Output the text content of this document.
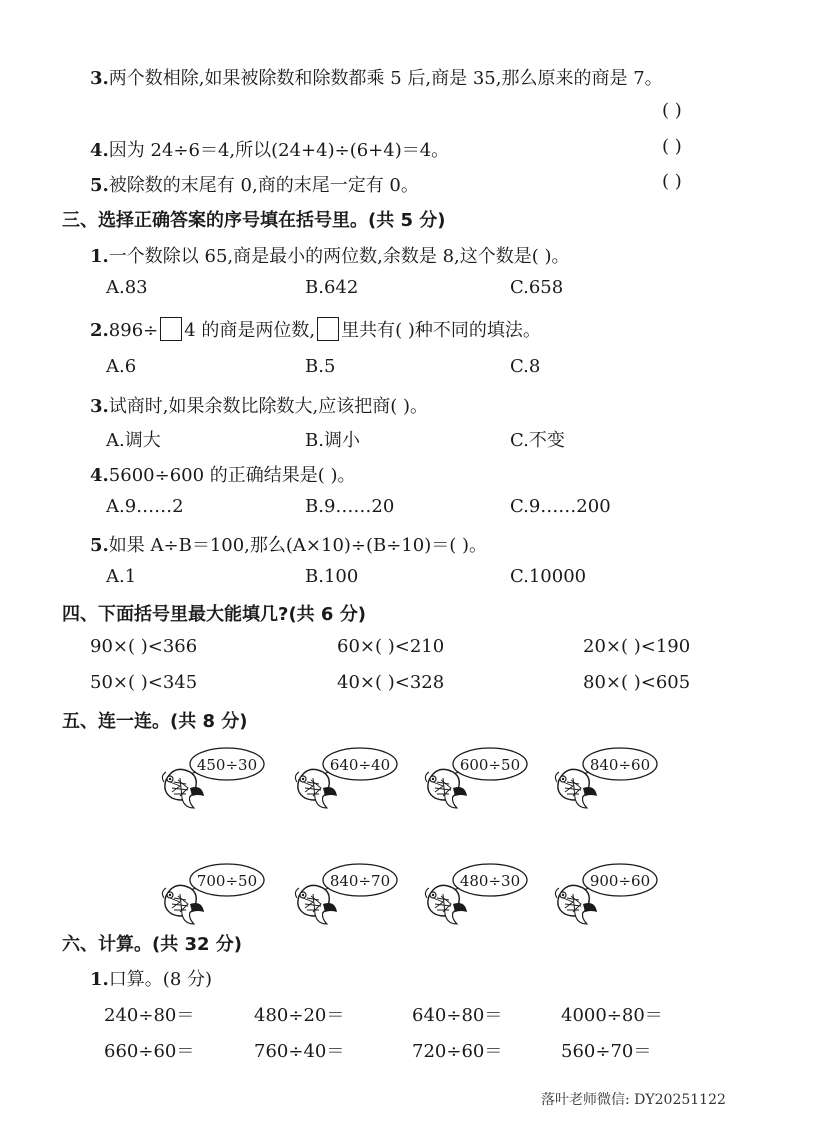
3.两个数相除,如果被除数和除数都乘 5 后,商是 35,那么原来的商是 7。
( )
4.因为 24÷6＝4,所以(24+4)÷(6+4)＝4。	( )
5.被除数的末尾有 0,商的末尾一定有 0。	( )
三、选择正确答案的序号填在括号里。(共 5 分)
1.一个数除以 65,商是最小的两位数,余数是 8,这个数是( )。
A.83	B.642	C.658
2.896÷ 4 的商是两位数, 里共有( )种不同的填法。
A.6	B.5	C.8
3.试商时,如果余数比除数大,应该把商( )。
A.调大	B.调小	C.不变
4.5600÷600 的正确结果是( )。
A.9……2	B.9……20	C.9……200
5.如果 A÷B＝100,那么(A×10)÷(B÷10)＝( )。
A.1	B.100	C.10000
四、下面括号里最大能填几?(共 6 分)
90×( )<366	60×( )<210	20×( )<190
50×( )<345	40×( )<328	80×( )<605
五、连一连。(共 8 分)
450÷30	640÷40	600÷50	840÷60
700÷50	840÷70	480÷30	900÷60
六、计算。(共 32 分)
1.口算。(8 分)
240÷80＝	480÷20＝	640÷80＝	4000÷80＝
660÷60＝	760÷40＝	720÷60＝	560÷70＝
落叶老师微信: DY20251122
